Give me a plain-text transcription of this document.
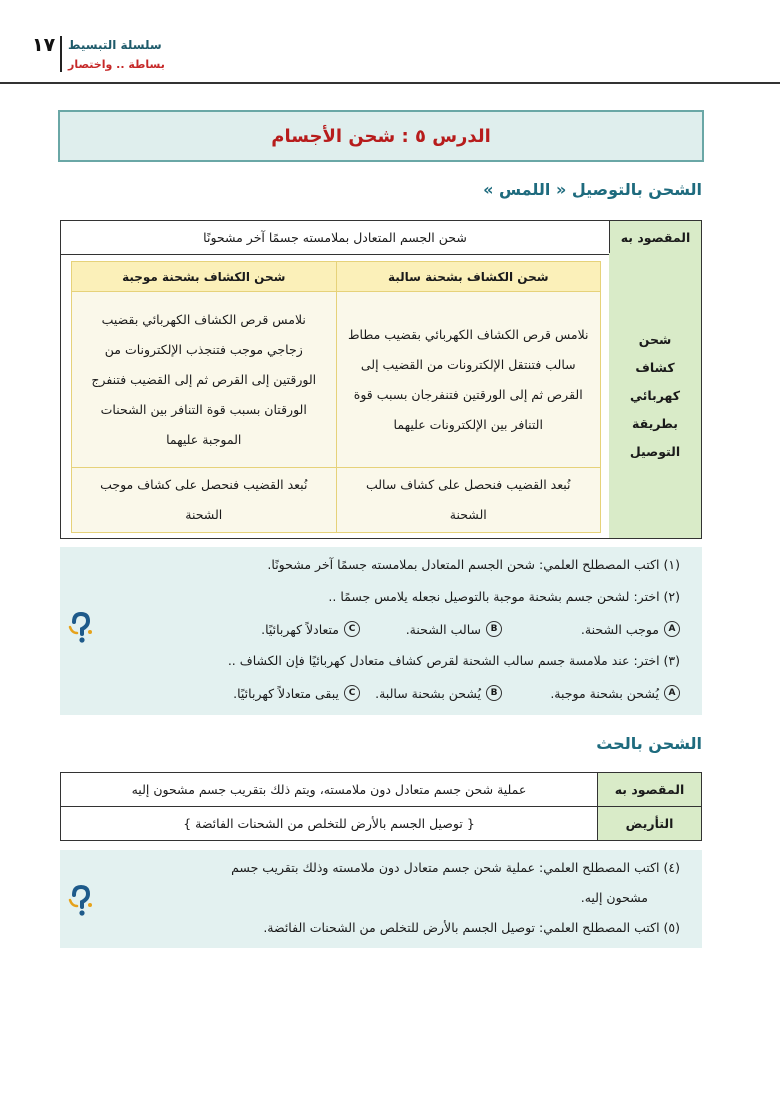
١٧ سلسلة التبسيط
بساطة .. واختصار
الدرس ٥ : شحن الأجسام
الشحن بالتوصيل « اللمس »
المقصود به	شحن الجسم المتعادل بملامسته جسمًا آخر مشحونًا
شحن كشاف كهربائي بطريقة التوصيل
شحن الكشاف بشحنة سالبة	شحن الكشاف بشحنة موجبة
نلامس قرص الكشاف الكهربائي بقضيب مطاط سالب فتنتقل الإلكترونات من القضيب إلى القرص ثم إلى الورقتين فتنفرجان بسبب قوة التنافر بين الإلكترونات عليهما	نلامس قرص الكشاف الكهربائي بقضيب زجاجي موجب فتنجذب الإلكترونات من الورقتين إلى القرص ثم إلى القضيب فتنفرج الورقتان بسبب قوة التنافر بين الشحنات الموجبة عليهما
نُبعد القضيب فنحصل على كشاف سالب الشحنة	نُبعد القضيب فنحصل على كشاف موجب الشحنة
(١) اكتب المصطلح العلمي: شحن الجسم المتعادل بملامسته جسمًا آخر مشحونًا.
(٢) اختر: لشحن جسم بشحنة موجبة بالتوصيل نجعله يلامس جسمًا ..
A
موجب الشحنة.
B
سالب الشحنة.
C
متعادلاً كهربائيًا.
(٣) اختر: عند ملامسة جسم سالب الشحنة لقرص كشاف متعادل كهربائيًا فإن الكشاف ..
A
يُشحن بشحنة موجبة.
B
يُشحن بشحنة سالبة.
C
يبقى متعادلاً كهربائيًا.
الشحن بالحث
المقصود به	عملية شحن جسم متعادل دون ملامسته، ويتم ذلك بتقريب جسم مشحون إليه
التأريض	{ توصيل الجسم بالأرض للتخلص من الشحنات الفائضة }
(٤) اكتب المصطلح العلمي: عملية شحن جسم متعادل دون ملامسته وذلك بتقريب جسم
مشحون إليه.
(٥) اكتب المصطلح العلمي: توصيل الجسم بالأرض للتخلص من الشحنات الفائضة.
